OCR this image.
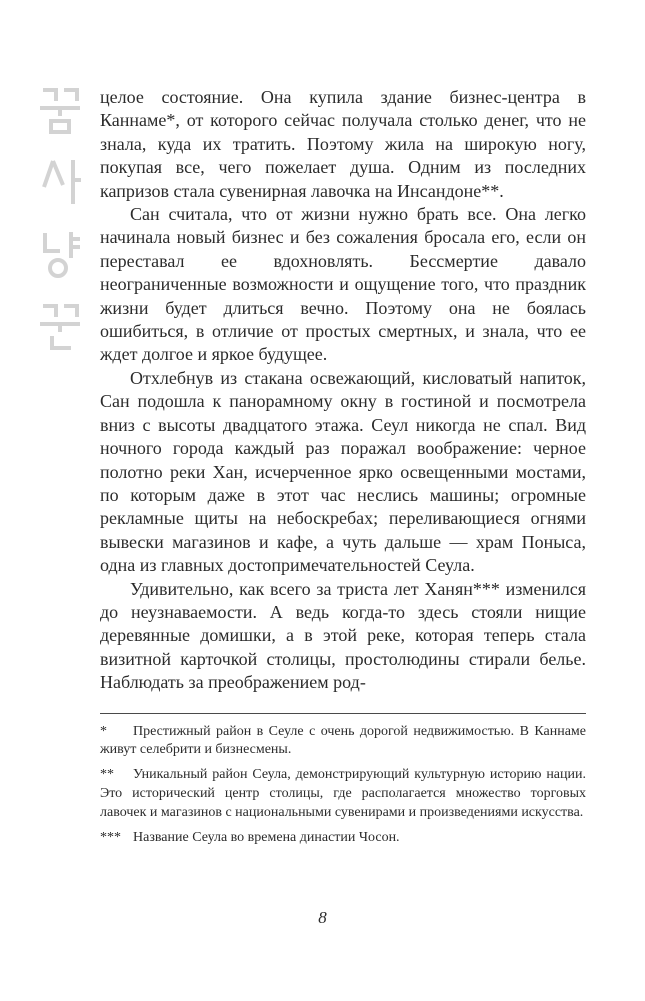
целое состояние. Она купила здание бизнес-центра в Каннаме*, от которого сейчас получала столько денег, что не знала, куда их тратить. Поэтому жила на широкую ногу, покупая все, чего пожелает душа. Одним из последних капризов стала сувенирная лавочка на Инсандоне**.

Сан считала, что от жизни нужно брать все. Она легко начинала новый бизнес и без сожаления бросала его, если он переставал ее вдохновлять. Бессмертие давало неограниченные возможности и ощущение того, что праздник жизни будет длиться вечно. Поэтому она не боялась ошибиться, в отличие от простых смертных, и знала, что ее ждет долгое и яркое будущее.

Отхлебнув из стакана освежающий, кисловатый напиток, Сан подошла к панорамному окну в гостиной и посмотрела вниз с высоты двадцатого этажа. Сеул никогда не спал. Вид ночного города каждый раз поражал воображение: черное полотно реки Хан, исчерченное ярко освещенными мостами, по которым даже в этот час неслись машины; огромные рекламные щиты на небоскребах; переливающиеся огнями вывески магазинов и кафе, а чуть дальше — храм Поныса, одна из главных достопримечательностей Сеула.

Удивительно, как всего за триста лет Ханян*** изменился до неузнаваемости. А ведь когда-то здесь стояли нищие деревянные домишки, а в этой реке, которая теперь стала визитной карточкой столицы, простолюдины стирали белье. Наблюдать за преображением род-

* Престижный район в Сеуле с очень дорогой недвижимостью. В Каннаме живут селебрити и бизнесмены.

** Уникальный район Сеула, демонстрирующий культурную историю нации. Это исторический центр столицы, где располагается множество торговых лавочек и магазинов с национальными сувенирами и произведениями искусства.

*** Название Сеула во времена династии Чосон.

8
